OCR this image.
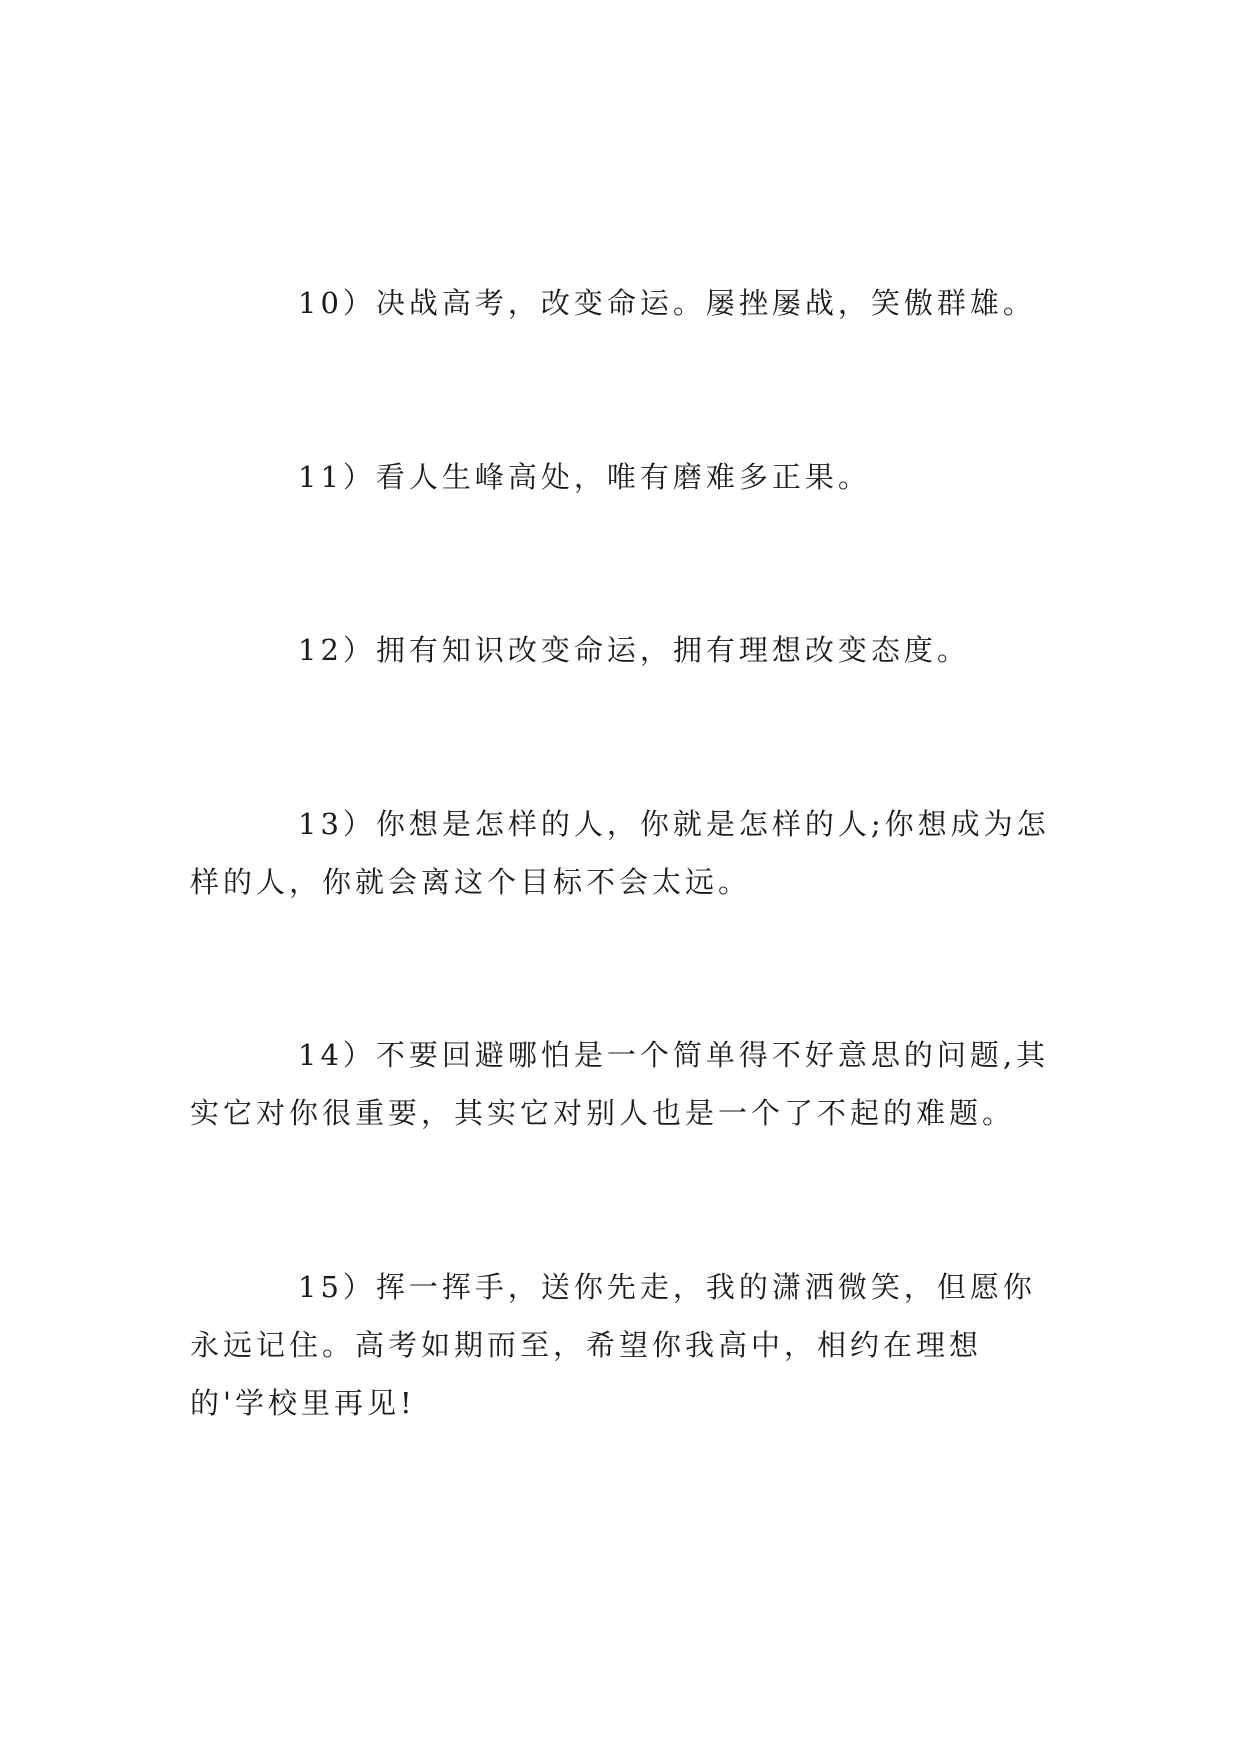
10）决战高考，改变命运。屡挫屡战，笑傲群雄。

11）看人生峰高处，唯有磨难多正果。

12）拥有知识改变命运，拥有理想改变态度。

13）你想是怎样的人，你就是怎样的人;你想成为怎样的人，你就会离这个目标不会太远。

14）不要回避哪怕是一个简单得不好意思的问题,其实它对你很重要，其实它对别人也是一个了不起的难题。

15）挥一挥手，送你先走，我的潇洒微笑，但愿你永远记住。高考如期而至，希望你我高中，相约在理想的'学校里再见!
